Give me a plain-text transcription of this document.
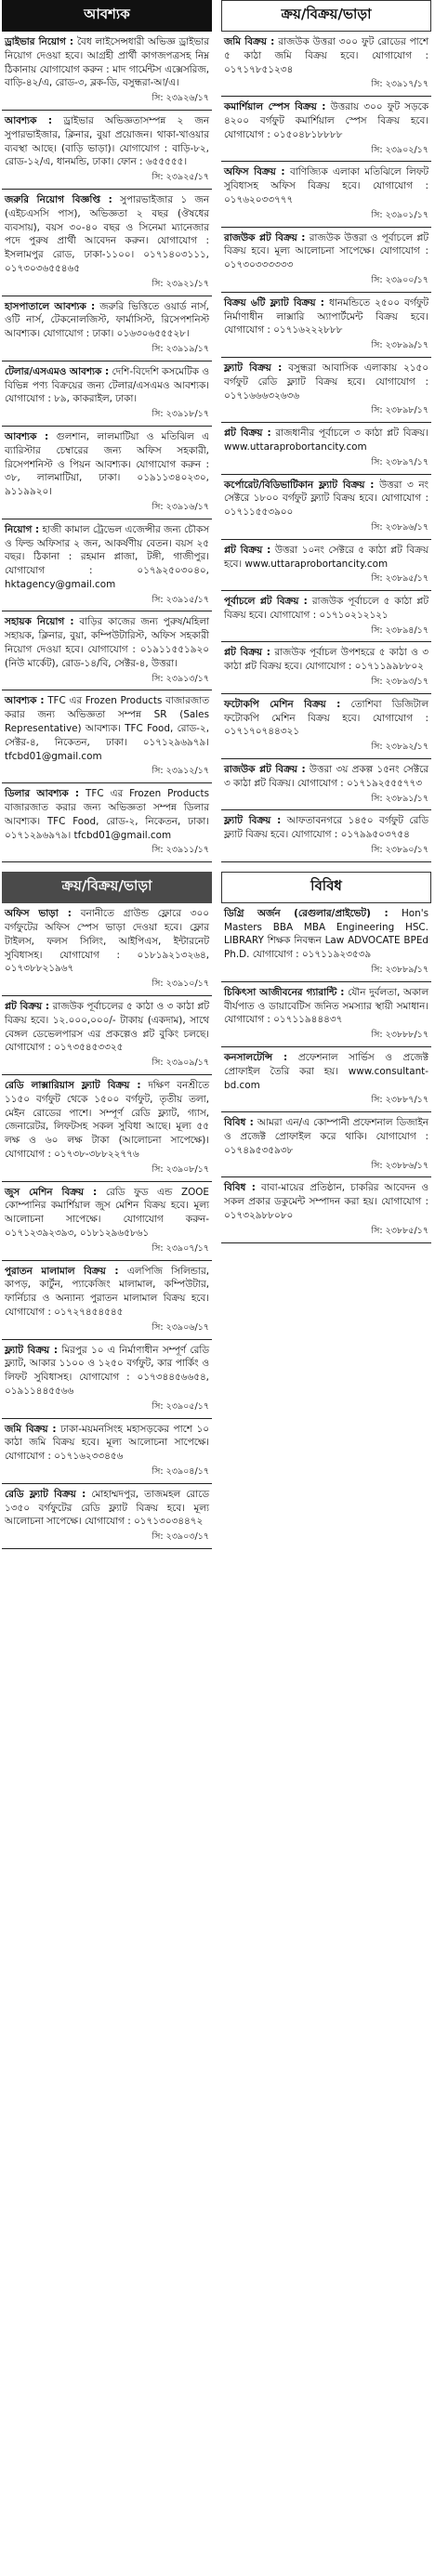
আবশ্যক
ড্রাইভার নিয়োগ : বৈধ লাইসেন্সধারী অভিজ্ঞ ড্রাইভার নিয়োগ দেওয়া হবে। আগ্রহী প্রার্থী কাগজপত্রসহ নিম্ন ঠিকানায় যোগাযোগ করুন : মাদ গার্মেন্টস এক্সেসরিজ, বাড়ি-৪২/এ, রোড-৩, ব্লক-ডি, বসুন্ধরা-আ/এ।
সি: ২৩৯২৬/১৭
আবশ্যক : ড্রাইভার অভিজ্ঞতাসম্পন্ন ২ জন সুপারভাইজার, ক্লিনার, বুয়া প্রয়োজন। থাকা-খাওয়ার ব্যবস্থা আছে। (বাড়ি ভাড়া)। যোগাযোগ : বাড়ি-৮২, রোড-১২/এ, ধানমন্ডি, ঢাকা। ফোন : ৬৫৫৫৫৫।
সি: ২৩৯২৫/১৭
জরুরি নিয়োগ বিজ্ঞপ্তি : সুপারভাইজার ১ জন (এইচএসসি পাস), অভিজ্ঞতা ২ বছর (ঔষধের ব্যবসায়), বয়স ৩০-৪০ বছর ও সিনেমা ম্যানেজার পদে পুরুষ প্রার্থী আবেদন করুন। যোগাযোগ : ইসলামপুর রোড, ঢাকা-১১০০। ০১৭১৪০৩১১১, ০১৭৩০৩৬৫৫৪৬৫
সি: ২৩৯২১/১৭
হাসপাতালে আবশ্যক : জরুরি ভিত্তিতে ওয়ার্ড নার্স, ওটি নার্স, টেকনোলজিস্ট, ফার্মাসিস্ট, রিসেপশনিস্ট আবশ্যক। যোগাযোগ : ঢাকা। ০১৬৩০৬৫৫৫২৮।
সি: ২৩৯১৯/১৭
টেলার/এসএমও আবশ্যক : দেশি-বিদেশি কসমেটিক ও বিভিন্ন পণ্য বিক্রয়ের জন্য টেলার/এসএমও আবশ্যক। যোগাযোগ : ৮৯, কাকরাইল, ঢাকা।
সি: ২৩৯১৮/১৭
আবশ্যক : গুলশান, লালমাটিয়া ও মতিঝিল এ ব্যারিস্টার চেম্বারের জন্য অফিস সহকারী, রিসেপশনিস্ট ও পিয়ন আবশ্যক। যোগাযোগ করুন : ৩৮, লালমাটিয়া, ঢাকা। ০১৯১১৩৪০২৩০, ৯১১৯৯২০।
সি: ২৩৯১৬/১৭
নিয়োগ : হাজী কামাল ট্রেভেল এজেন্সীর জন্য চৌকস ও ফিল্ড অফিসার ২ জন, আকর্ষণীয় বেতন। বয়স ২৫ বছর। ঠিকানা : রহমান প্লাজা, টঙ্গী, গাজীপুর। যোগাযোগ : ০১৭৯২৫০৩০৪০, hktagency@gmail.com
সি: ২৩৯১৫/১৭
সহায়ক নিয়োগ : বাড়ির কাজের জন্য পুরুষ/মহিলা সহায়ক, ক্লিনার, বুয়া, কম্পিউটারিস্ট, অফিস সহকারী নিয়োগ দেওয়া হবে। যোগাযোগ : ০১৯১১৫৫১৯২০ (নিউ মার্কেট), রোড-১৪/বি, সেক্টর-৪, উত্তরা।
সি: ২৩৯১৩/১৭
আবশ্যক : TFC এর Frozen Products বাজারজাত করার জন্য অভিজ্ঞতা সম্পন্ন SR (Sales Representative) আবশ্যক। TFC Food, রোড-২, সেক্টর-৪, নিকেতন, ঢাকা। ০১৭১২৯৬৯৭৯। tfcbd01@gmail.com
সি: ২৩৯১২/১৭
ডিলার আবশ্যক : TFC এর Frozen Products বাজারজাত করার জন্য অভিজ্ঞতা সম্পন্ন ডিলার আবশ্যক। TFC Food, রোড-২, নিকেতন, ঢাকা। ০১৭১২৯৬৯৭৯। tfcbd01@gmail.com
সি: ২৩৯১১/১৭
ক্রয়/বিক্রয়/ভাড়া
অফিস ভাড়া : বনানীতে গ্রাউন্ড ফ্লোরে ৩০০ বর্গফুটের অফিস স্পেস ভাড়া দেওয়া হবে। ফ্লোর টাইলস, ফলস সিলিং, আইপিএস, ইন্টারনেট সুবিধাসহ। যোগাযোগ : ০১৮১৯২১৩২৬৪, ০১৭৩৮৮২১৯৬৭
সি: ২৩৯১০/১৭
প্লট বিক্রয় : রাজউক পূর্বাচলের ৫ কাঠা ও ৩ কাঠা প্লট বিক্রয় হবে। ১২.০০০,০০০/- টাকায় (একদাম), সাথে বেঙ্গল ডেভেলপারস এর প্রকল্পেও প্লট বুকিং চলছে। যোগাযোগ : ০১৭৩৫৪৫৩৩২৫
সি: ২৩৯০৯/১৭
রেডি লাক্সারিয়াস ফ্ল্যাট বিক্রয় : দক্ষিণ বনশ্রীতে ১১৫০ বর্গফুট থেকে ১৫০০ বর্গফুট, তৃতীয় তলা, মেইন রোডের পাশে। সম্পূর্ণ রেডি ফ্ল্যাট, গ্যাস, জেনারেটর, লিফটসহ সকল সুবিধা আছে। মূল্য ৫৫ লক্ষ ও ৬০ লক্ষ টাকা (আলোচনা সাপেক্ষে)। যোগাযোগ : ০১৭৩৮-৩৮৮২২৭৭৬
সি: ২৩৯০৮/১৭
জুস মেশিন বিক্রয় : রেডি ফুড এন্ড ZOOE কোম্পানির কমার্শিয়াল জুস মেশিন বিক্রয় হবে। মূল্য আলোচনা সাপেক্ষে। যোগাযোগ করুন- ০১৭১২৩৯২৩৯৩, ০১৮১২৯৬৫৮৬১
সি: ২৩৯০৭/১৭
পুরাতন মালামাল বিক্রয় : এলপিজি সিলিন্ডার, কাপড়, কার্টুন, প্যাকেজিং মালামাল, কম্পিউটার, ফার্নিচার ও অন্যান্য পুরাতন মালামাল বিক্রয় হবে। যোগাযোগ : ০১৭২৭৪৫৪৫৪৫
সি: ২৩৯০৬/১৭
ফ্ল্যাট বিক্রয় : মিরপুর ১০ এ নির্মাণাধীন সম্পূর্ণ রেডি ফ্ল্যাট, আকার ১১০০ ও ১২৫০ বর্গফুট, কার পার্কিং ও লিফট সুবিধাসহ। যোগাযোগ : ০১৭৩৪৪৫৬৬৫৪, ০১৯১১৪৪৫৫৬৬
সি: ২৩৯০৫/১৭
জমি বিক্রয় : ঢাকা-ময়মনসিংহ মহাসড়কের পাশে ১০ কাঠা জমি বিক্রয় হবে। মূল্য আলোচনা সাপেক্ষে। যোগাযোগ : ০১৭১৬২৩৩৪৫৬
সি: ২৩৯০৪/১৭
রেডি ফ্ল্যাট বিক্রয় : মোহাম্মদপুর, তাজমহল রোডে ১৩৫০ বর্গফুটের রেডি ফ্ল্যাট বিক্রয় হবে। মূল্য আলোচনা সাপেক্ষে। যোগাযোগ : ০১৭১৩০৩৪৪৭২
সি: ২৩৯০৩/১৭
ক্রয়/বিক্রয়/ভাড়া
জমি বিক্রয় : রাজউক উত্তরা ৩০০ ফুট রোডের পাশে ৫ কাঠা জমি বিক্রয় হবে। যোগাযোগ : ০১৭১৭৮৫১২৩৪
সি: ২৩৯১৭/১৭
কমার্শিয়াল স্পেস বিক্রয় : উত্তরায় ৩০০ ফুট সড়কে ৪২০০ বর্গফুট কমার্শিয়াল স্পেস বিক্রয় হবে। যোগাযোগ : ০১৫০৪৮১৮৮৮৮
সি: ২৩৯০২/১৭
অফিস বিক্রয় : বাণিজ্যিক এলাকা মতিঝিলে লিফট সুবিধাসহ অফিস বিক্রয় হবে। যোগাযোগ : ০১৭৬২০৩৩৭৭৭
সি: ২৩৯০১/১৭
রাজউক প্লট বিক্রয় : রাজউক উত্তরা ও পূর্বাচলে প্লট বিক্রয় হবে। মূল্য আলোচনা সাপেক্ষে। যোগাযোগ : ০১৭৩০৩৩৩৩৩৩
সি: ২৩৯০০/১৭
বিক্রয় ৬টি ফ্ল্যাট বিক্রয় : ধানমন্ডিতে ২৫০০ বর্গফুট নির্মাণাধীন লাক্সারি অ্যাপার্টমেন্ট বিক্রয় হবে। যোগাযোগ : ০১৭১৬২২২৮৮৮
সি: ২৩৮৯৯/১৭
ফ্ল্যাট বিক্রয় : বসুন্ধরা আবাসিক এলাকায় ২১৫০ বর্গফুট রেডি ফ্ল্যাট বিক্রয় হবে। যোগাযোগ : ০১৭১৬৬৬৩২৬৩৬
সি: ২৩৮৯৮/১৭
প্লট বিক্রয় : রাজধানীর পূর্বাচলে ৩ কাঠা প্লট বিক্রয়। www.uttaraprobortancity.com
সি: ২৩৮৯৭/১৭
কর্পোরেট/বিডিভাটিকান ফ্ল্যাট বিক্রয় : উত্তরা ৩ নং সেক্টরে ১৮০০ বর্গফুট ফ্ল্যাট বিক্রয় হবে। যোগাযোগ : ০১৭১১৫৫৩৯০০
সি: ২৩৮৯৬/১৭
প্লট বিক্রয় : উত্তরা ১০নং সেক্টরে ৫ কাঠা প্লট বিক্রয় হবে। www.uttaraprobortancity.com
সি: ২৩৮৯৫/১৭
পূর্বাচলে প্লট বিক্রয় : রাজউক পূর্বাচলে ৫ কাঠা প্লট বিক্রয় হবে। যোগাযোগ : ০১৭১০২১২১২১
সি: ২৩৮৯৪/১৭
প্লট বিক্রয় : রাজউক পূর্বাচল উপশহরে ৫ কাঠা ও ৩ কাঠা প্লট বিক্রয় হবে। যোগাযোগ : ০১৭১১৯৯৮৮০২
সি: ২৩৮৯৩/১৭
ফটোকপি মেশিন বিক্রয় : তোশিবা ডিজিটাল ফটোকপি মেশিন বিক্রয় হবে। যোগাযোগ : ০১৭১৭০৭৪৪৩২১
সি: ২৩৮৯২/১৭
রাজউক প্লট বিক্রয় : উত্তরা ৩য় প্রকল্প ১৫নং সেক্টরে ৩ কাঠা প্লট বিক্রয়। যোগাযোগ : ০১৭১৯২৫৫৫৭৭৩
সি: ২৩৮৯১/১৭
ফ্ল্যাট বিক্রয় : আফতাবনগরে ১৪৫০ বর্গফুট রেডি ফ্ল্যাট বিক্রয় হবে। যোগাযোগ : ০১৭৯৯৫০৩৭৫৪
সি: ২৩৮৯০/১৭
বিবিধ
ডিগ্রি অর্জন (রেগুলার/প্রাইভেট) : Hon's Masters BBA MBA Engineering HSC. LIBRARY শিক্ষক নিবন্ধন Law ADVOCATE BPEd Ph.D. যোগাযোগ : ০১৭১১৯২৩৫৩৯
সি: ২৩৮৮৯/১৭
চিকিৎসা আজীবনের গ্যারান্টি : যৌন দুর্বলতা, অকাল বীর্যপাত ও ডায়াবেটিস জনিত সমস্যার স্থায়ী সমাধান। যোগাযোগ : ০১৭১১৯৪৪৪৩৭
সি: ২৩৮৮৮/১৭
কনসালটেন্সি : প্রফেশনাল সার্ভিস ও প্রজেক্ট প্রোফাইল তৈরি করা হয়। www.consultant-bd.com
সি: ২৩৮৮৭/১৭
বিবিধ : আমরা এন/এ কোম্পানী প্রফেশনাল ডিজাইন ও প্রজেক্ট প্রোফাইল করে থাকি। যোগাযোগ : ০১৭৪৯৫৩৫৯৩৮
সি: ২৩৮৮৬/১৭
বিবিধ : বাবা-মায়ের প্রতিষ্ঠান, চাকরির আবেদন ও সকল প্রকার ডকুমেন্ট সম্পাদন করা হয়। যোগাযোগ : ০১৭৩২৯৮৮০৮০
সি: ২৩৮৮৫/১৭
